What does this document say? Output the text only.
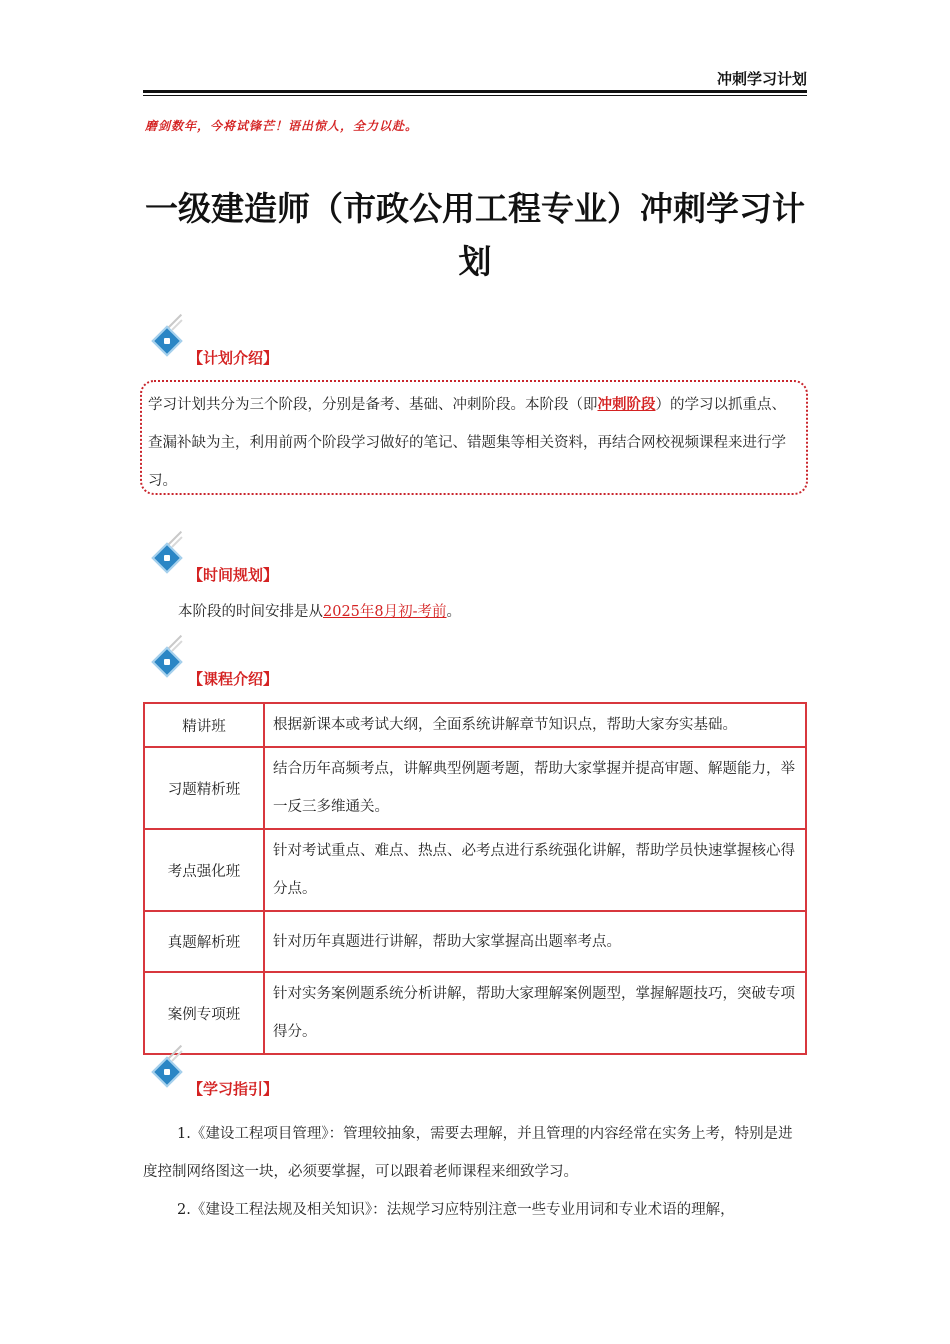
冲刺学习计划
磨剑数年，今将试锋芒！语出惊人，全力以赴。
一级建造师（市政公用工程专业）冲刺学习计划
【计划介绍】
学习计划共分为三个阶段，分别是备考、基础、冲刺阶段。本阶段（即冲刺阶段）的学习以抓重点、查漏补缺为主，利用前两个阶段学习做好的笔记、错题集等相关资料，再结合网校视频课程来进行学习。
【时间规划】
本阶段的时间安排是从2025年8月初-考前。
【课程介绍】
精讲班	根据新课本或考试大纲，全面系统讲解章节知识点，帮助大家夯实基础。
习题精析班	结合历年高频考点，讲解典型例题考题，帮助大家掌握并提高审题、解题能力，举一反三多维通关。
考点强化班	针对考试重点、难点、热点、必考点进行系统强化讲解，帮助学员快速掌握核心得分点。
真题解析班	针对历年真题进行讲解，帮助大家掌握高出题率考点。
案例专项班	针对实务案例题系统分析讲解，帮助大家理解案例题型，掌握解题技巧，突破专项得分。
【学习指引】
1.《建设工程项目管理》：管理较抽象，需要去理解，并且管理的内容经常在实务上考，特别是进度控制网络图这一块，必须要掌握，可以跟着老师课程来细致学习。
2.《建设工程法规及相关知识》：法规学习应特别注意一些专业用词和专业术语的理解，
